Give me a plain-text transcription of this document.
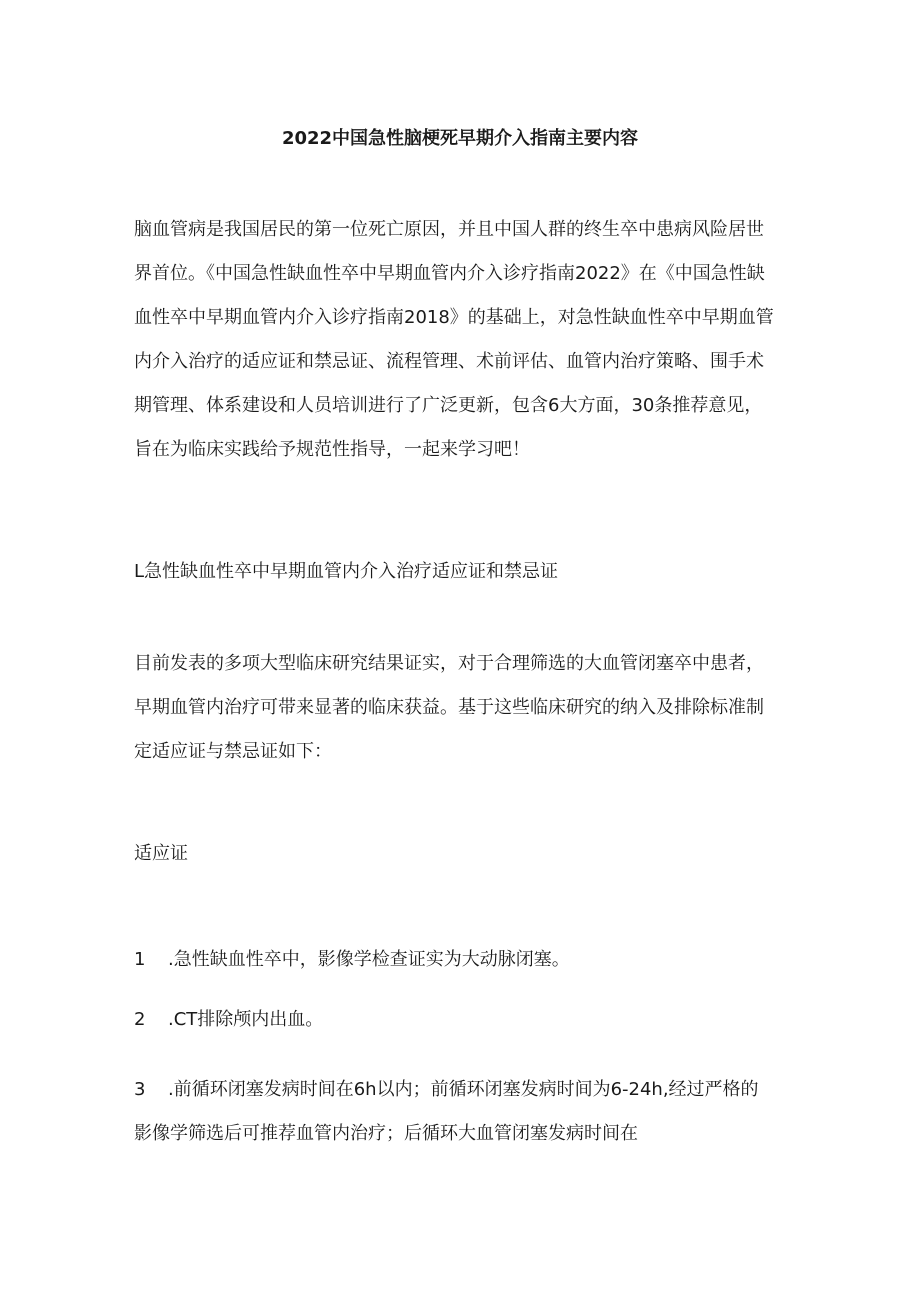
2022中国急性脑梗死早期介入指南主要内容
脑血管病是我国居民的第一位死亡原因，并且中国人群的终生卒中患病风险居世
界首位。《中国急性缺血性卒中早期血管内介入诊疗指南2022》在《中国急性缺
血性卒中早期血管内介入诊疗指南2018》的基础上，对急性缺血性卒中早期血管
内介入治疗的适应证和禁忌证、流程管理、术前评估、血管内治疗策略、围手术
期管理、体系建设和人员培训进行了广泛更新，包含6大方面，30条推荐意见，
旨在为临床实践给予规范性指导，一起来学习吧！
L急性缺血性卒中早期血管内介入治疗适应证和禁忌证
目前发表的多项大型临床研究结果证实，对于合理筛选的大血管闭塞卒中患者，
早期血管内治疗可带来显著的临床获益。基于这些临床研究的纳入及排除标准制
定适应证与禁忌证如下：
适应证
1 .急性缺血性卒中，影像学检查证实为大动脉闭塞。
2 .CT排除颅内出血。
3 .前循环闭塞发病时间在6h以内；前循环闭塞发病时间为6-24h,经过严格的
影像学筛选后可推荐血管内治疗；后循环大血管闭塞发病时间在
